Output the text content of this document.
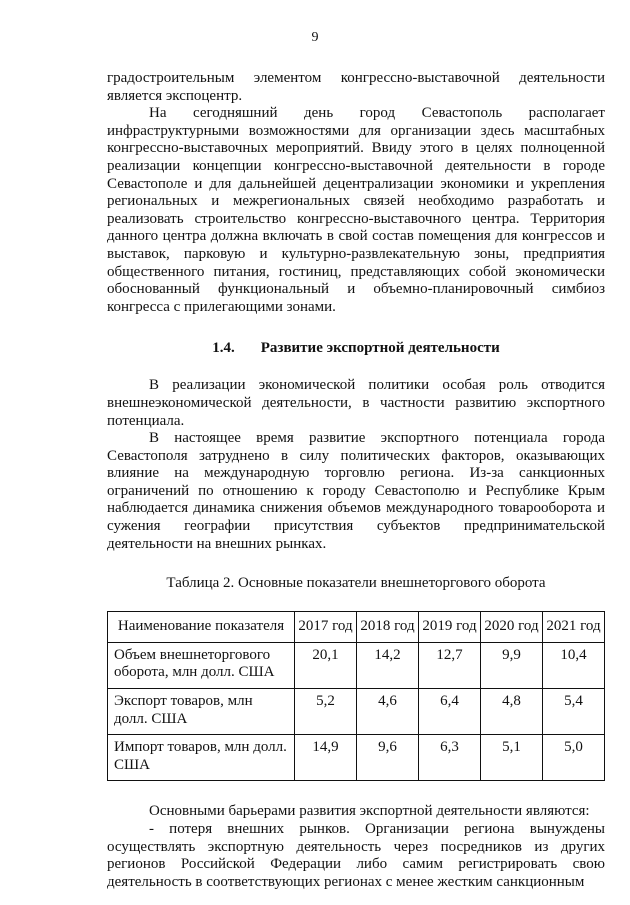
9

градостроительным элементом конгрессно-выставочной деятельности является экспоцентр.

На сегодняшний день город Севастополь располагает инфраструктурными возможностями для организации здесь масштабных конгрессно-выставочных мероприятий. Ввиду этого в целях полноценной реализации концепции конгрессно-выставочной деятельности в городе Севастополе и для дальнейшей децентрализации экономики и укрепления региональных и межрегиональных связей необходимо разработать и реализовать строительство конгрессно-выставочного центра. Территория данного центра должна включать в свой состав помещения для конгрессов и выставок, парковую и культурно-развлекательную зоны, предприятия общественного питания, гостиниц, представляющих собой экономически обоснованный функциональный и объемно-планировочный симбиоз конгресса с прилегающими зонами.

1.4. Развитие экспортной деятельности

В реализации экономической политики особая роль отводится внешнеэкономической деятельности, в частности развитию экспортного потенциала.

В настоящее время развитие экспортного потенциала города Севастополя затруднено в силу политических факторов, оказывающих влияние на международную торговлю региона. Из-за санкционных ограничений по отношению к городу Севастополю и Республике Крым наблюдается динамика снижения объемов международного товарооборота и сужения географии присутствия субъектов предпринимательской деятельности на внешних рынках.

Таблица 2. Основные показатели внешнеторгового оборота
Наименование показателя	2017 год	2018 год	2019 год	2020 год	2021 год
Объем внешнеторгового оборота, млн долл. США	20,1	14,2	12,7	9,9	10,4
Экспорт товаров, млн долл. США	5,2	4,6	6,4	4,8	5,4
Импорт товаров, млн долл. США	14,9	9,6	6,3	5,1	5,0

Основными барьерами развития экспортной деятельности являются:

- потеря внешних рынков. Организации региона вынуждены осуществлять экспортную деятельность через посредников из других регионов Российской Федерации либо самим регистрировать свою деятельность в соответствующих регионах с менее жестким санкционным
